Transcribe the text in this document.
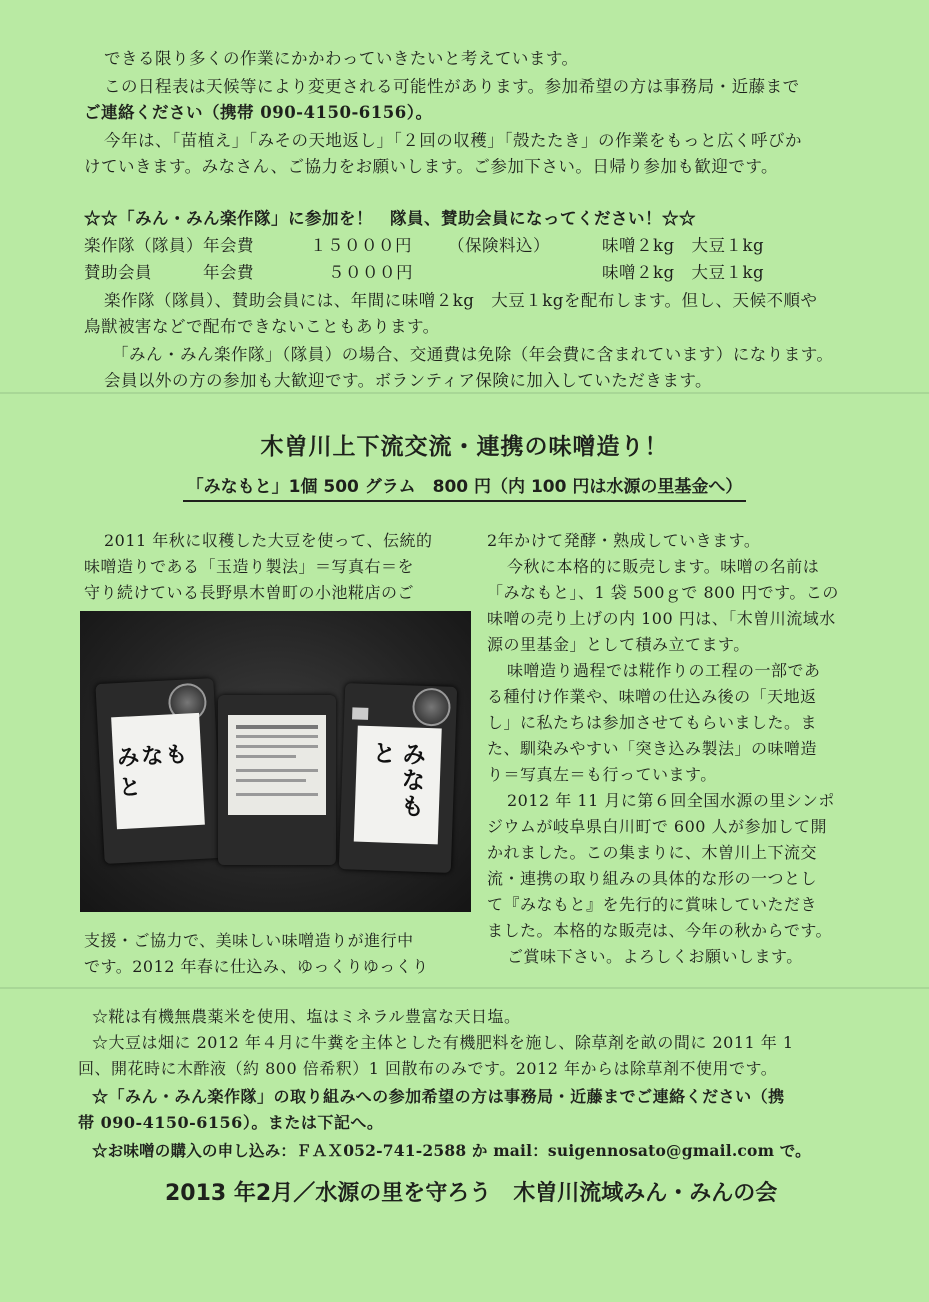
できる限り多くの作業にかかわっていきたいと考えています。
この日程表は天候等により変更される可能性があります。参加希望の方は事務局・近藤まで
ご連絡ください（携帯 090-4150-6156）。
今年は、「苗植え」「みその天地返し」「２回の収穫」「殻たたき」の作業をもっと広く呼びか
けていきます。みなさん、ご協力をお願いします。ご参加下さい。日帰り参加も歓迎です。
☆☆「みん・みん楽作隊」に参加を！　隊員、賛助会員になってください！☆☆
楽作隊（隊員）年会費	１５０００円 （保険料込）	味噌２kg　大豆１kg
賛助会員　　　年会費	５０００円	味噌２kg　大豆１kg
楽作隊（隊員）、賛助会員には、年間に味噌２kg　大豆１kgを配布します。但し、天候不順や
鳥獣被害などで配布できないこともあります。
「みん・みん楽作隊」（隊員）の場合、交通費は免除（年会費に含まれています）になります。
会員以外の方の参加も大歓迎です。ボランティア保険に加入していただきます。
木曽川上下流交流・連携の味噌造り！
「みなもと」1個 500 グラム　800 円（内 100 円は水源の里基金へ）
2011 年秋に収穫した大豆を使って、伝統的
味噌造りである「玉造り製法」＝写真右＝を
守り続けている長野県木曽町の小池糀店のご
みなもと
	みなもと
支援・ご協力で、美味しい味噌造りが進行中
です。2012 年春に仕込み、ゆっくりゆっくり
2年かけて発酵・熟成していきます。
今秋に本格的に販売します。味噌の名前は
「みなもと」、1 袋 500ｇで 800 円です。この
味噌の売り上げの内 100 円は、「木曽川流域水
源の里基金」として積み立てます。
味噌造り過程では糀作りの工程の一部であ
る種付け作業や、味噌の仕込み後の「天地返
し」に私たちは参加させてもらいました。ま
た、馴染みやすい「突き込み製法」の味噌造
り＝写真左＝も行っています。
2012 年 11 月に第６回全国水源の里シンポ
ジウムが岐阜県白川町で 600 人が参加して開
かれました。この集まりに、木曽川上下流交
流・連携の取り組みの具体的な形の一つとし
て『みなもと』を先行的に賞味していただき
ました。本格的な販売は、今年の秋からです。
ご賞味下さい。よろしくお願いします。
☆糀は有機無農薬米を使用、塩はミネラル豊富な天日塩。
☆大豆は畑に 2012 年４月に牛糞を主体とした有機肥料を施し、除草剤を畝の間に 2011 年 1
回、開花時に木酢液（約 800 倍希釈）1 回散布のみです。2012 年からは除草剤不使用です。
☆「みん・みん楽作隊」の取り組みへの参加希望の方は事務局・近藤までご連絡ください（携
帯 090-4150-6156）。または下記へ。
☆お味噌の購入の申し込み：ＦＡＸ052-741-2588 か mail：suigennosato@gmail.com で。
2013 年2月／水源の里を守ろう　木曽川流域みん・みんの会
